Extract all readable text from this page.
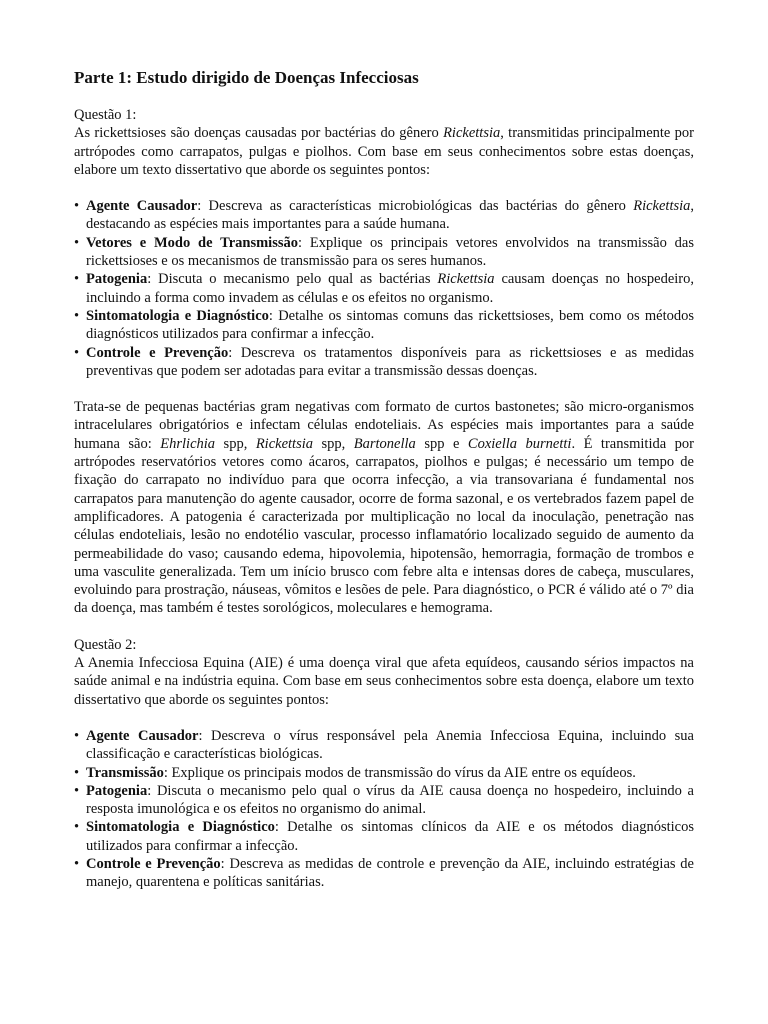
Parte 1: Estudo dirigido de Doenças Infecciosas

Questão 1:

As rickettsioses são doenças causadas por bactérias do gênero Rickettsia, transmitidas principalmente por artrópodes como carrapatos, pulgas e piolhos. Com base em seus conhecimentos sobre estas doenças, elabore um texto dissertativo que aborde os seguintes pontos:

• Agente Causador: Descreva as características microbiológicas das bactérias do gênero Rickettsia, destacando as espécies mais importantes para a saúde humana.
• Vetores e Modo de Transmissão: Explique os principais vetores envolvidos na transmissão das rickettsioses e os mecanismos de transmissão para os seres humanos.
• Patogenia: Discuta o mecanismo pelo qual as bactérias Rickettsia causam doenças no hospedeiro, incluindo a forma como invadem as células e os efeitos no organismo.
• Sintomatologia e Diagnóstico: Detalhe os sintomas comuns das rickettsioses, bem como os métodos diagnósticos utilizados para confirmar a infecção.
• Controle e Prevenção: Descreva os tratamentos disponíveis para as rickettsioses e as medidas preventivas que podem ser adotadas para evitar a transmissão dessas doenças.

Trata-se de pequenas bactérias gram negativas com formato de curtos bastonetes; são micro-organismos intracelulares obrigatórios e infectam células endoteliais. As espécies mais importantes para a saúde humana são: Ehrlichia spp, Rickettsia spp, Bartonella spp e Coxiella burnetti. É transmitida por artrópodes reservatórios vetores como ácaros, carrapatos, piolhos e pulgas; é necessário um tempo de fixação do carrapato no indivíduo para que ocorra infecção, a via transovariana é fundamental nos carrapatos para manutenção do agente causador, ocorre de forma sazonal, e os vertebrados fazem papel de amplificadores. A patogenia é caracterizada por multiplicação no local da inoculação, penetração nas células endoteliais, lesão no endotélio vascular, processo inflamatório localizado seguido de aumento da permeabilidade do vaso; causando edema, hipovolemia, hipotensão, hemorragia, formação de trombos e uma vasculite generalizada. Tem um início brusco com febre alta e intensas dores de cabeça, musculares, evoluindo para prostração, náuseas, vômitos e lesões de pele. Para diagnóstico, o PCR é válido até o 7º dia da doença, mas também é testes sorológicos, moleculares e hemograma.

Questão 2:

A Anemia Infecciosa Equina (AIE) é uma doença viral que afeta equídeos, causando sérios impactos na saúde animal e na indústria equina. Com base em seus conhecimentos sobre esta doença, elabore um texto dissertativo que aborde os seguintes pontos:

• Agente Causador: Descreva o vírus responsável pela Anemia Infecciosa Equina, incluindo sua classificação e características biológicas.
• Transmissão: Explique os principais modos de transmissão do vírus da AIE entre os equídeos.
• Patogenia: Discuta o mecanismo pelo qual o vírus da AIE causa doença no hospedeiro, incluindo a resposta imunológica e os efeitos no organismo do animal.
• Sintomatologia e Diagnóstico: Detalhe os sintomas clínicos da AIE e os métodos diagnósticos utilizados para confirmar a infecção.
• Controle e Prevenção: Descreva as medidas de controle e prevenção da AIE, incluindo estratégias de manejo, quarentena e políticas sanitárias.
